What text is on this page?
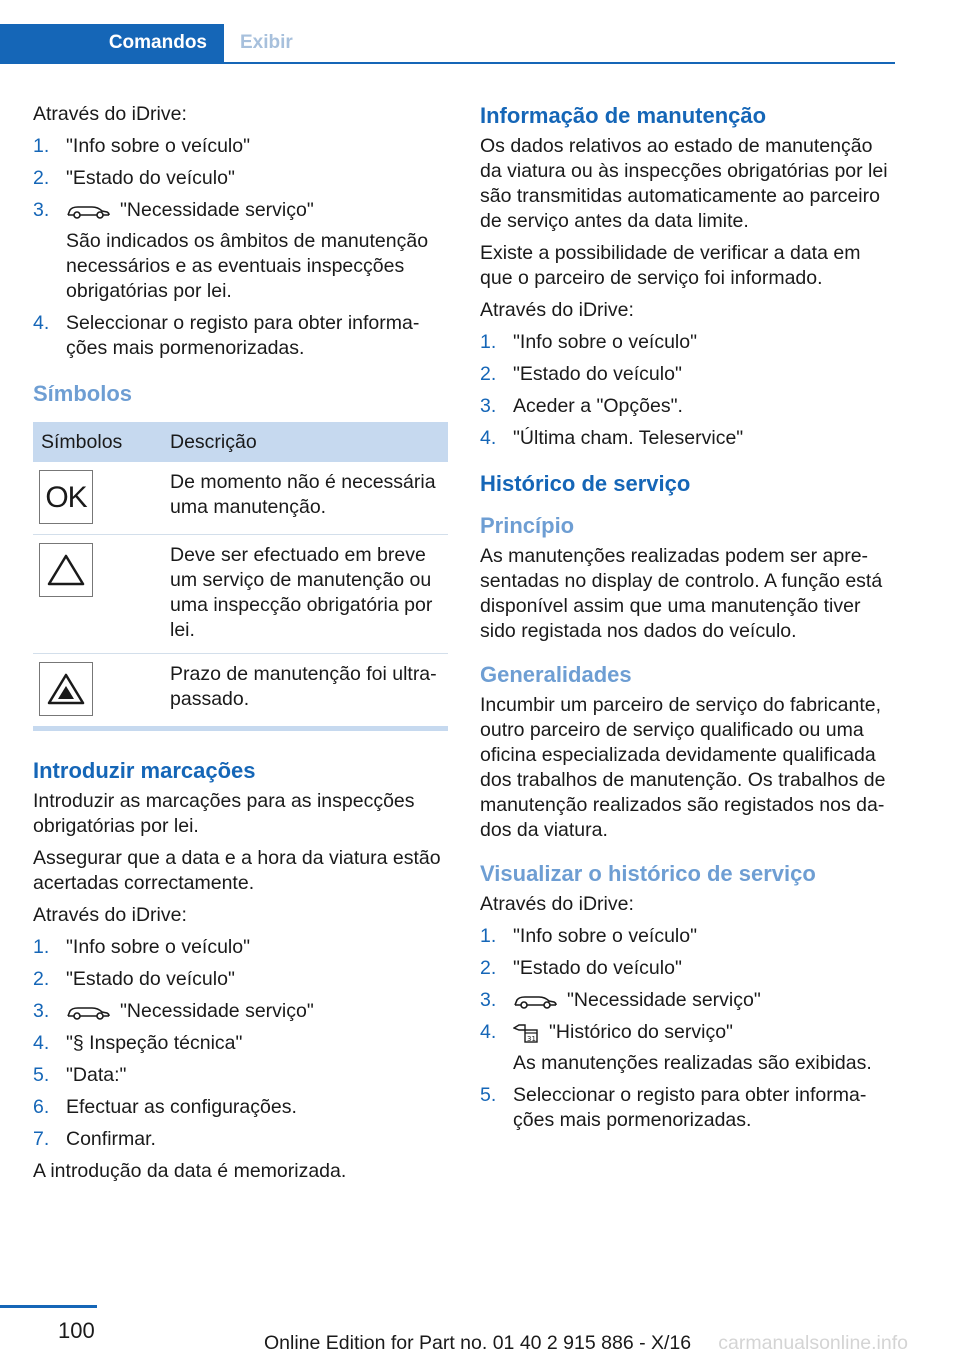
Comandos	Exibir

Através do iDrive:

1. "Info sobre o veículo"
2. "Estado do veículo"
3.	"Necessidade serviço"
São indicados os âmbitos de manutenção necessários e as eventuais inspecções obrigatórias por lei.
4. Seleccionar o registo para obter informa-ções mais pormenorizadas.
Símbolos
Símbolos	Descrição

OK	De momento não é necessária uma manutenção.

	Deve ser efectuado em breve um serviço de manutenção ou uma inspecção obrigatória por lei.

	Prazo de manutenção foi ultra-passado.
Introduzir marcações

Introduzir as marcações para as inspecções obrigatórias por lei.

Assegurar que a data e a hora da viatura estão acertadas correctamente.

Através do iDrive:

1. "Info sobre o veículo"
2. "Estado do veículo"
3.	"Necessidade serviço"
4. "§ Inspeção técnica"
5. "Data:"
6. Efectuar as configurações.
7. Confirmar.

A introdução da data é memorizada.

Informação de manutenção

Os dados relativos ao estado de manutenção da viatura ou às inspecções obrigatórias por lei são transmitidas automaticamente ao parceiro de serviço antes da data limite.

Existe a possibilidade de verificar a data em que o parceiro de serviço foi informado.

Através do iDrive:

1. "Info sobre o veículo"
2. "Estado do veículo"
3. Aceder a "Opções".
4. "Última cham. Teleservice"
Histórico de serviço
Princípio

As manutenções realizadas podem ser apre-sentadas no display de controlo. A função está disponível assim que uma manutenção tiver sido registada nos dados do veículo.

Generalidades

Incumbir um parceiro de serviço do fabricante, outro parceiro de serviço qualificado ou uma oficina especializada devidamente qualificada dos trabalhos de manutenção. Os trabalhos de manutenção realizados são registados nos da-dos da viatura.

Visualizar o histórico de serviço

Através do iDrive:

1. "Info sobre o veículo"
2. "Estado do veículo"
3.	"Necessidade serviço"
4.	31 "Histórico do serviço"
As manutenções realizadas são exibidas.
5. Seleccionar o registo para obter informa-ções mais pormenorizadas.
100	Online Edition for Part no. 01 40 2 915 886 - X/16 carmanualsonline.info
